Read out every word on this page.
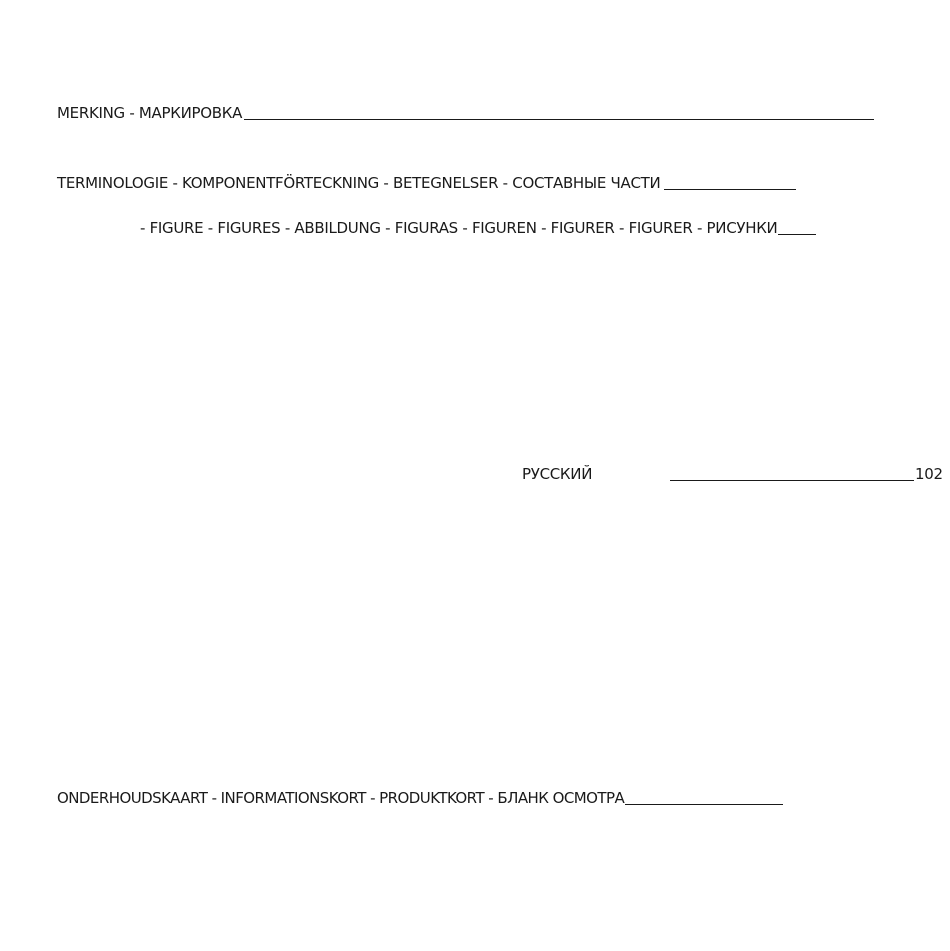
MERKING - МАРКИРОВКА
TERMINOLOGIE - KOMPONENTFÖRTECKNING - BETEGNELSER - СОСТАВНЫЕ ЧАСТИ
- FIGURE - FIGURES - ABBILDUNG - FIGURAS - FIGUREN - FIGURER - FIGURER - РИСУНКИ
РУССКИЙ	102
ONDERHOUDSKAART - INFORMATIONSKORT - PRODUKTKORT - БЛАНК ОСМОТРА
